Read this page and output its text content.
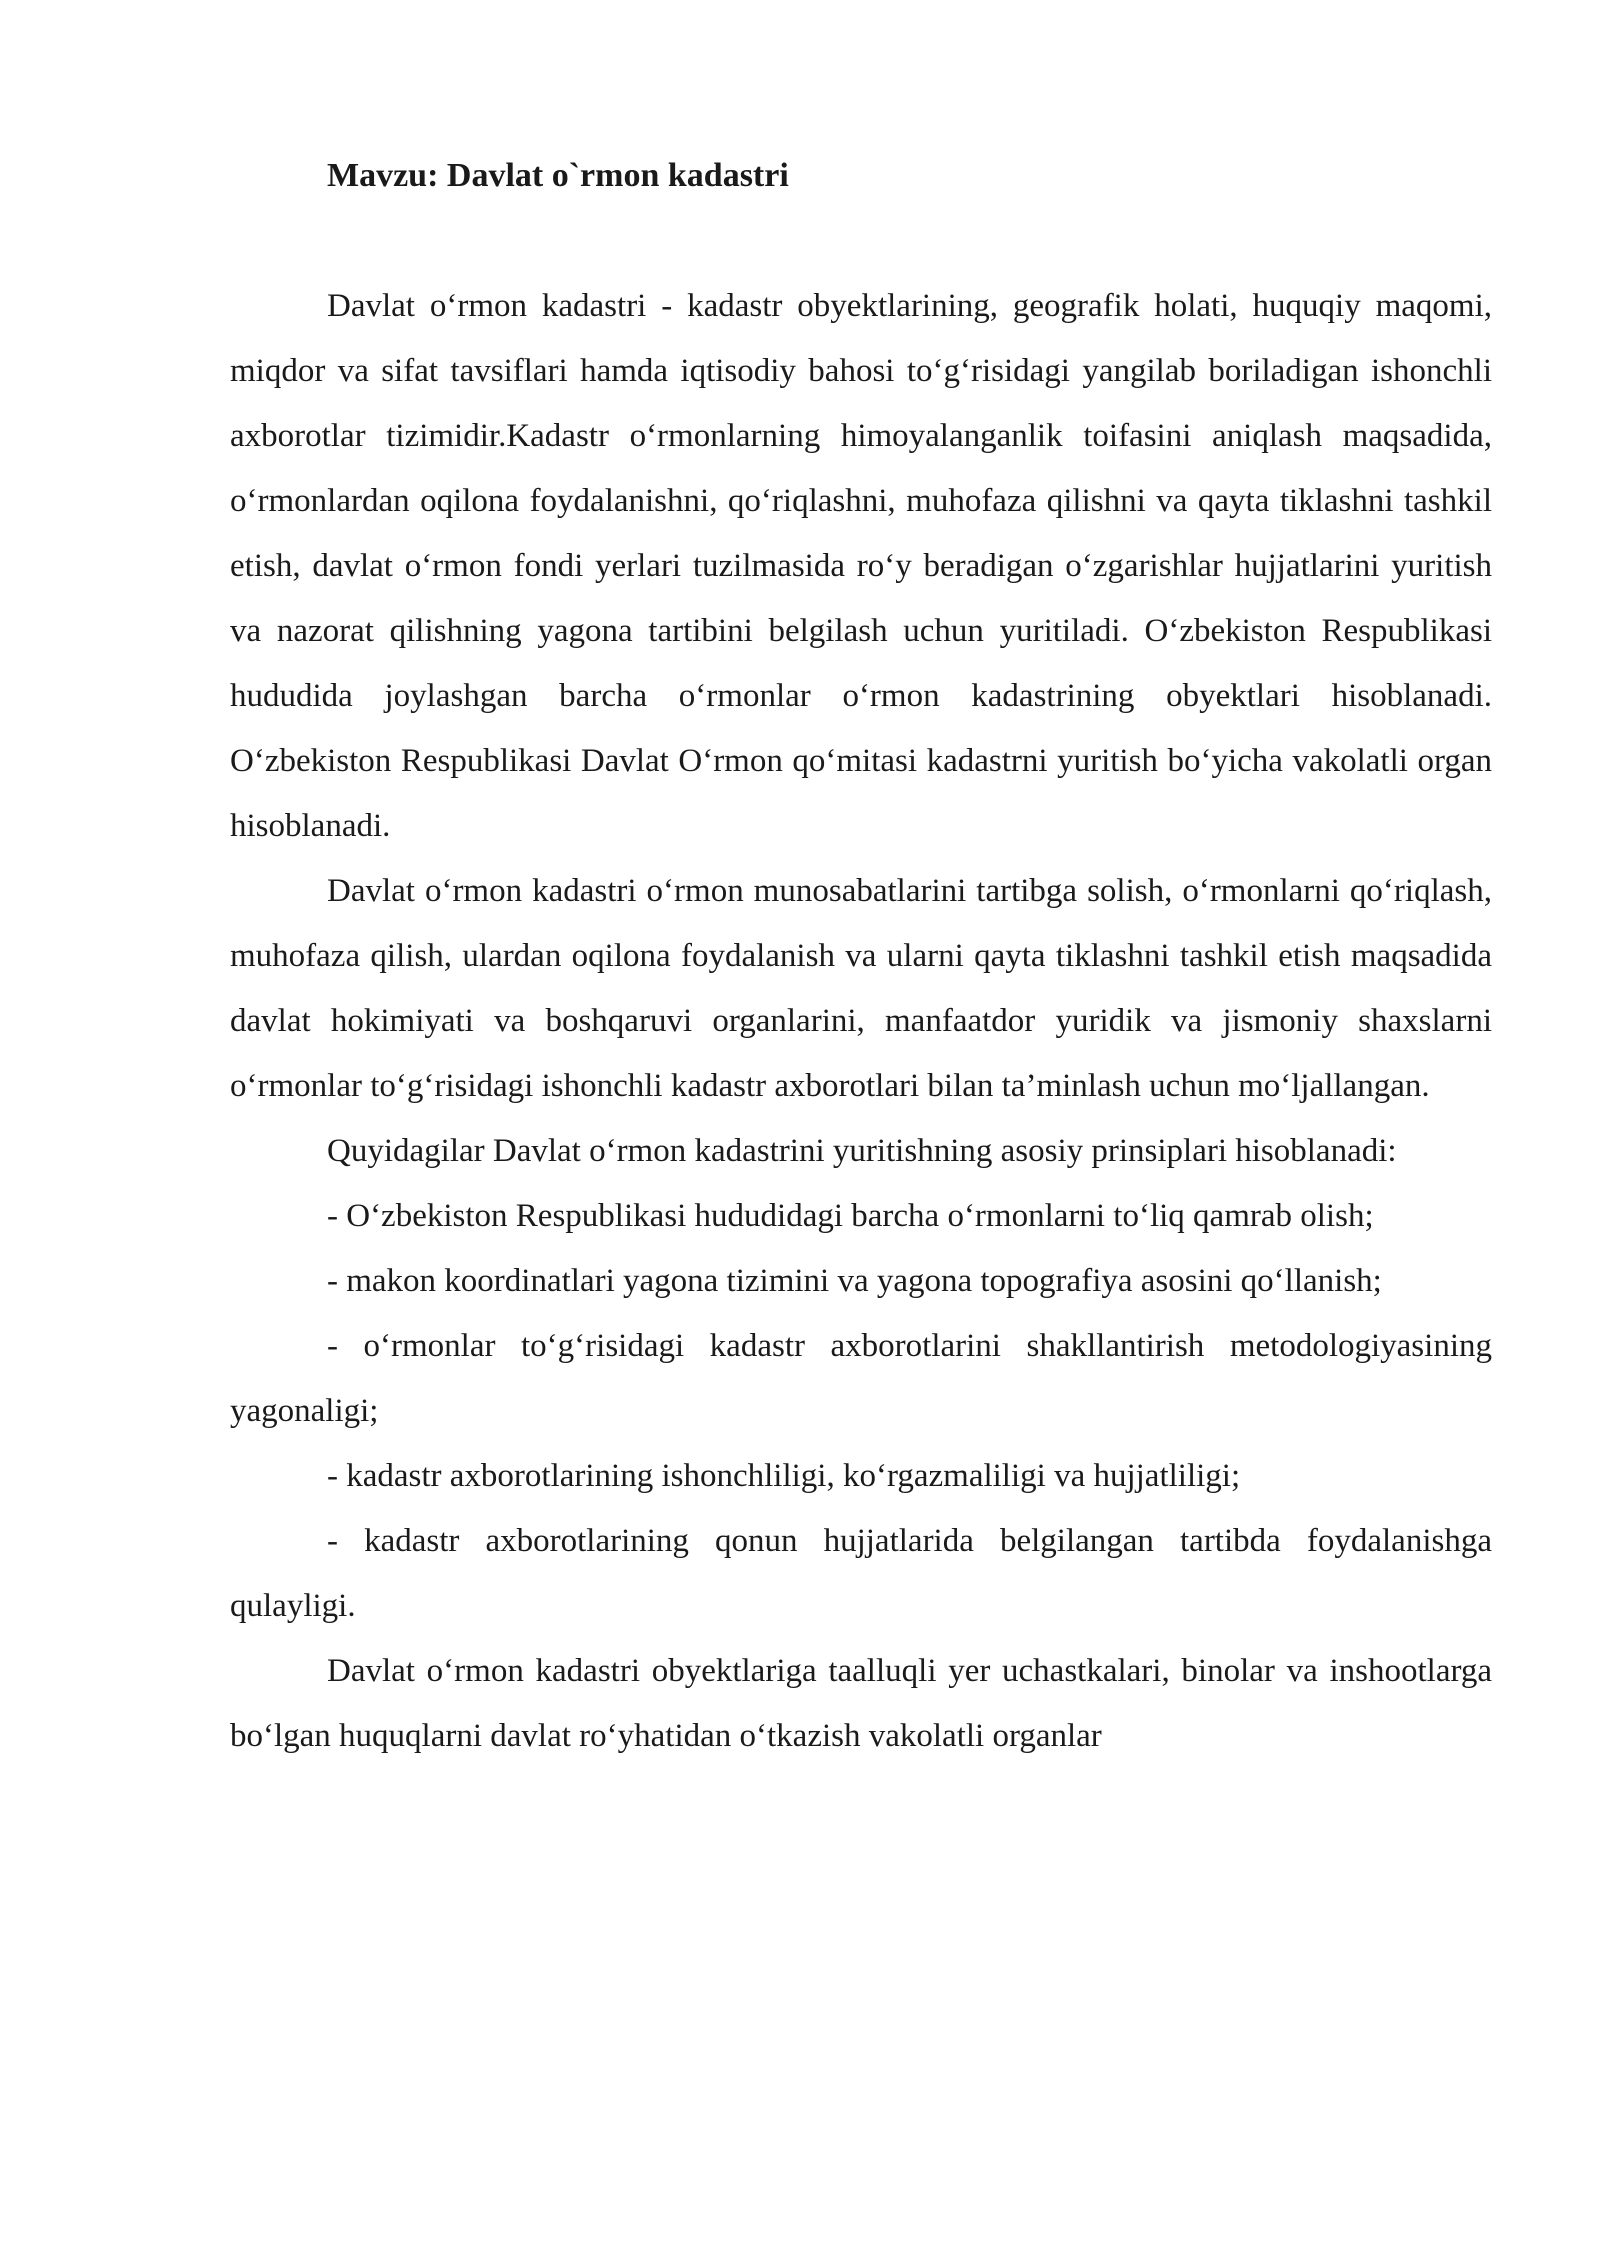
Mavzu: Davlat o`rmon kadastri

Davlat o‘rmon kadastri - kadastr obyektlarining, geografik holati, huquqiy maqomi, miqdor va sifat tavsiflari hamda iqtisodiy bahosi to‘g‘risidagi yangilab boriladigan ishonchli axborotlar tizimidir.Kadastr o‘rmonlarning himoyalanganlik toifasini aniqlash maqsadida, o‘rmonlardan oqilona foydalanishni, qo‘riqlashni, muhofaza qilishni va qayta tiklashni tashkil etish, davlat o‘rmon fondi yerlari tuzilmasida ro‘y beradigan o‘zgarishlar hujjatlarini yuritish va nazorat qilishning yagona tartibini belgilash uchun yuritiladi. O‘zbekiston Respublikasi hududida joylashgan barcha o‘rmonlar o‘rmon kadastrining obyektlari hisoblanadi. O‘zbekiston Respublikasi Davlat O‘rmon qo‘mitasi kadastrni yuritish bo‘yicha vakolatli organ hisoblanadi.

Davlat o‘rmon kadastri o‘rmon munosabatlarini tartibga solish, o‘rmonlarni qo‘riqlash, muhofaza qilish, ulardan oqilona foydalanish va ularni qayta tiklashni tashkil etish maqsadida davlat hokimiyati va boshqaruvi organlarini, manfaatdor yuridik va jismoniy shaxslarni o‘rmonlar to‘g‘risidagi ishonchli kadastr axborotlari bilan ta’minlash uchun mo‘ljallangan.

Quyidagilar Davlat o‘rmon kadastrini yuritishning asosiy prinsiplari hisoblanadi:

- O‘zbekiston Respublikasi hududidagi barcha o‘rmonlarni to‘liq qamrab olish;

- makon koordinatlari yagona tizimini va yagona topografiya asosini qo‘llanish;

- o‘rmonlar to‘g‘risidagi kadastr axborotlarini shakllantirish metodologiyasining yagonaligi;

- kadastr axborotlarining ishonchliligi, ko‘rgazmaliligi va hujjatliligi;

- kadastr axborotlarining qonun hujjatlarida belgilangan tartibda foydalanishga qulayligi.

Davlat o‘rmon kadastri obyektlariga taalluqli yer uchastkalari, binolar va inshootlarga bo‘lgan huquqlarni davlat ro‘yhatidan o‘tkazish vakolatli organlar
